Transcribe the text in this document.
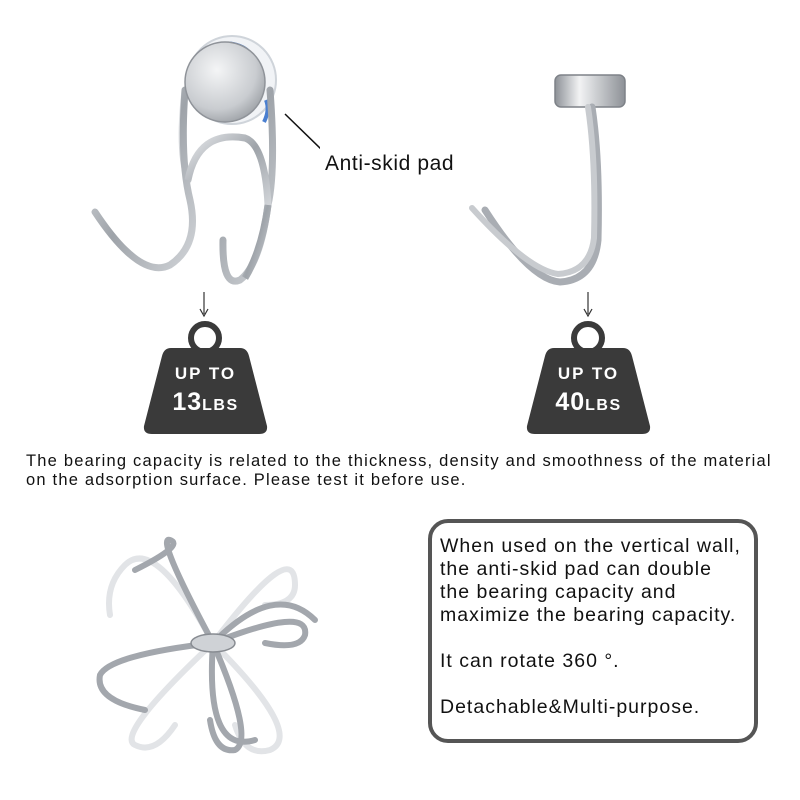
Anti-skid pad
UP TO
13LBS
UP TO
40LBS
The bearing capacity is related to the thickness, density and smoothness of the material on the adsorption surface. Please test it before use.

When used on the vertical wall, the anti-skid pad can double the bearing capacity and maximize the bearing capacity.

It can rotate 360 °.

Detachable&Multi-purpose.
